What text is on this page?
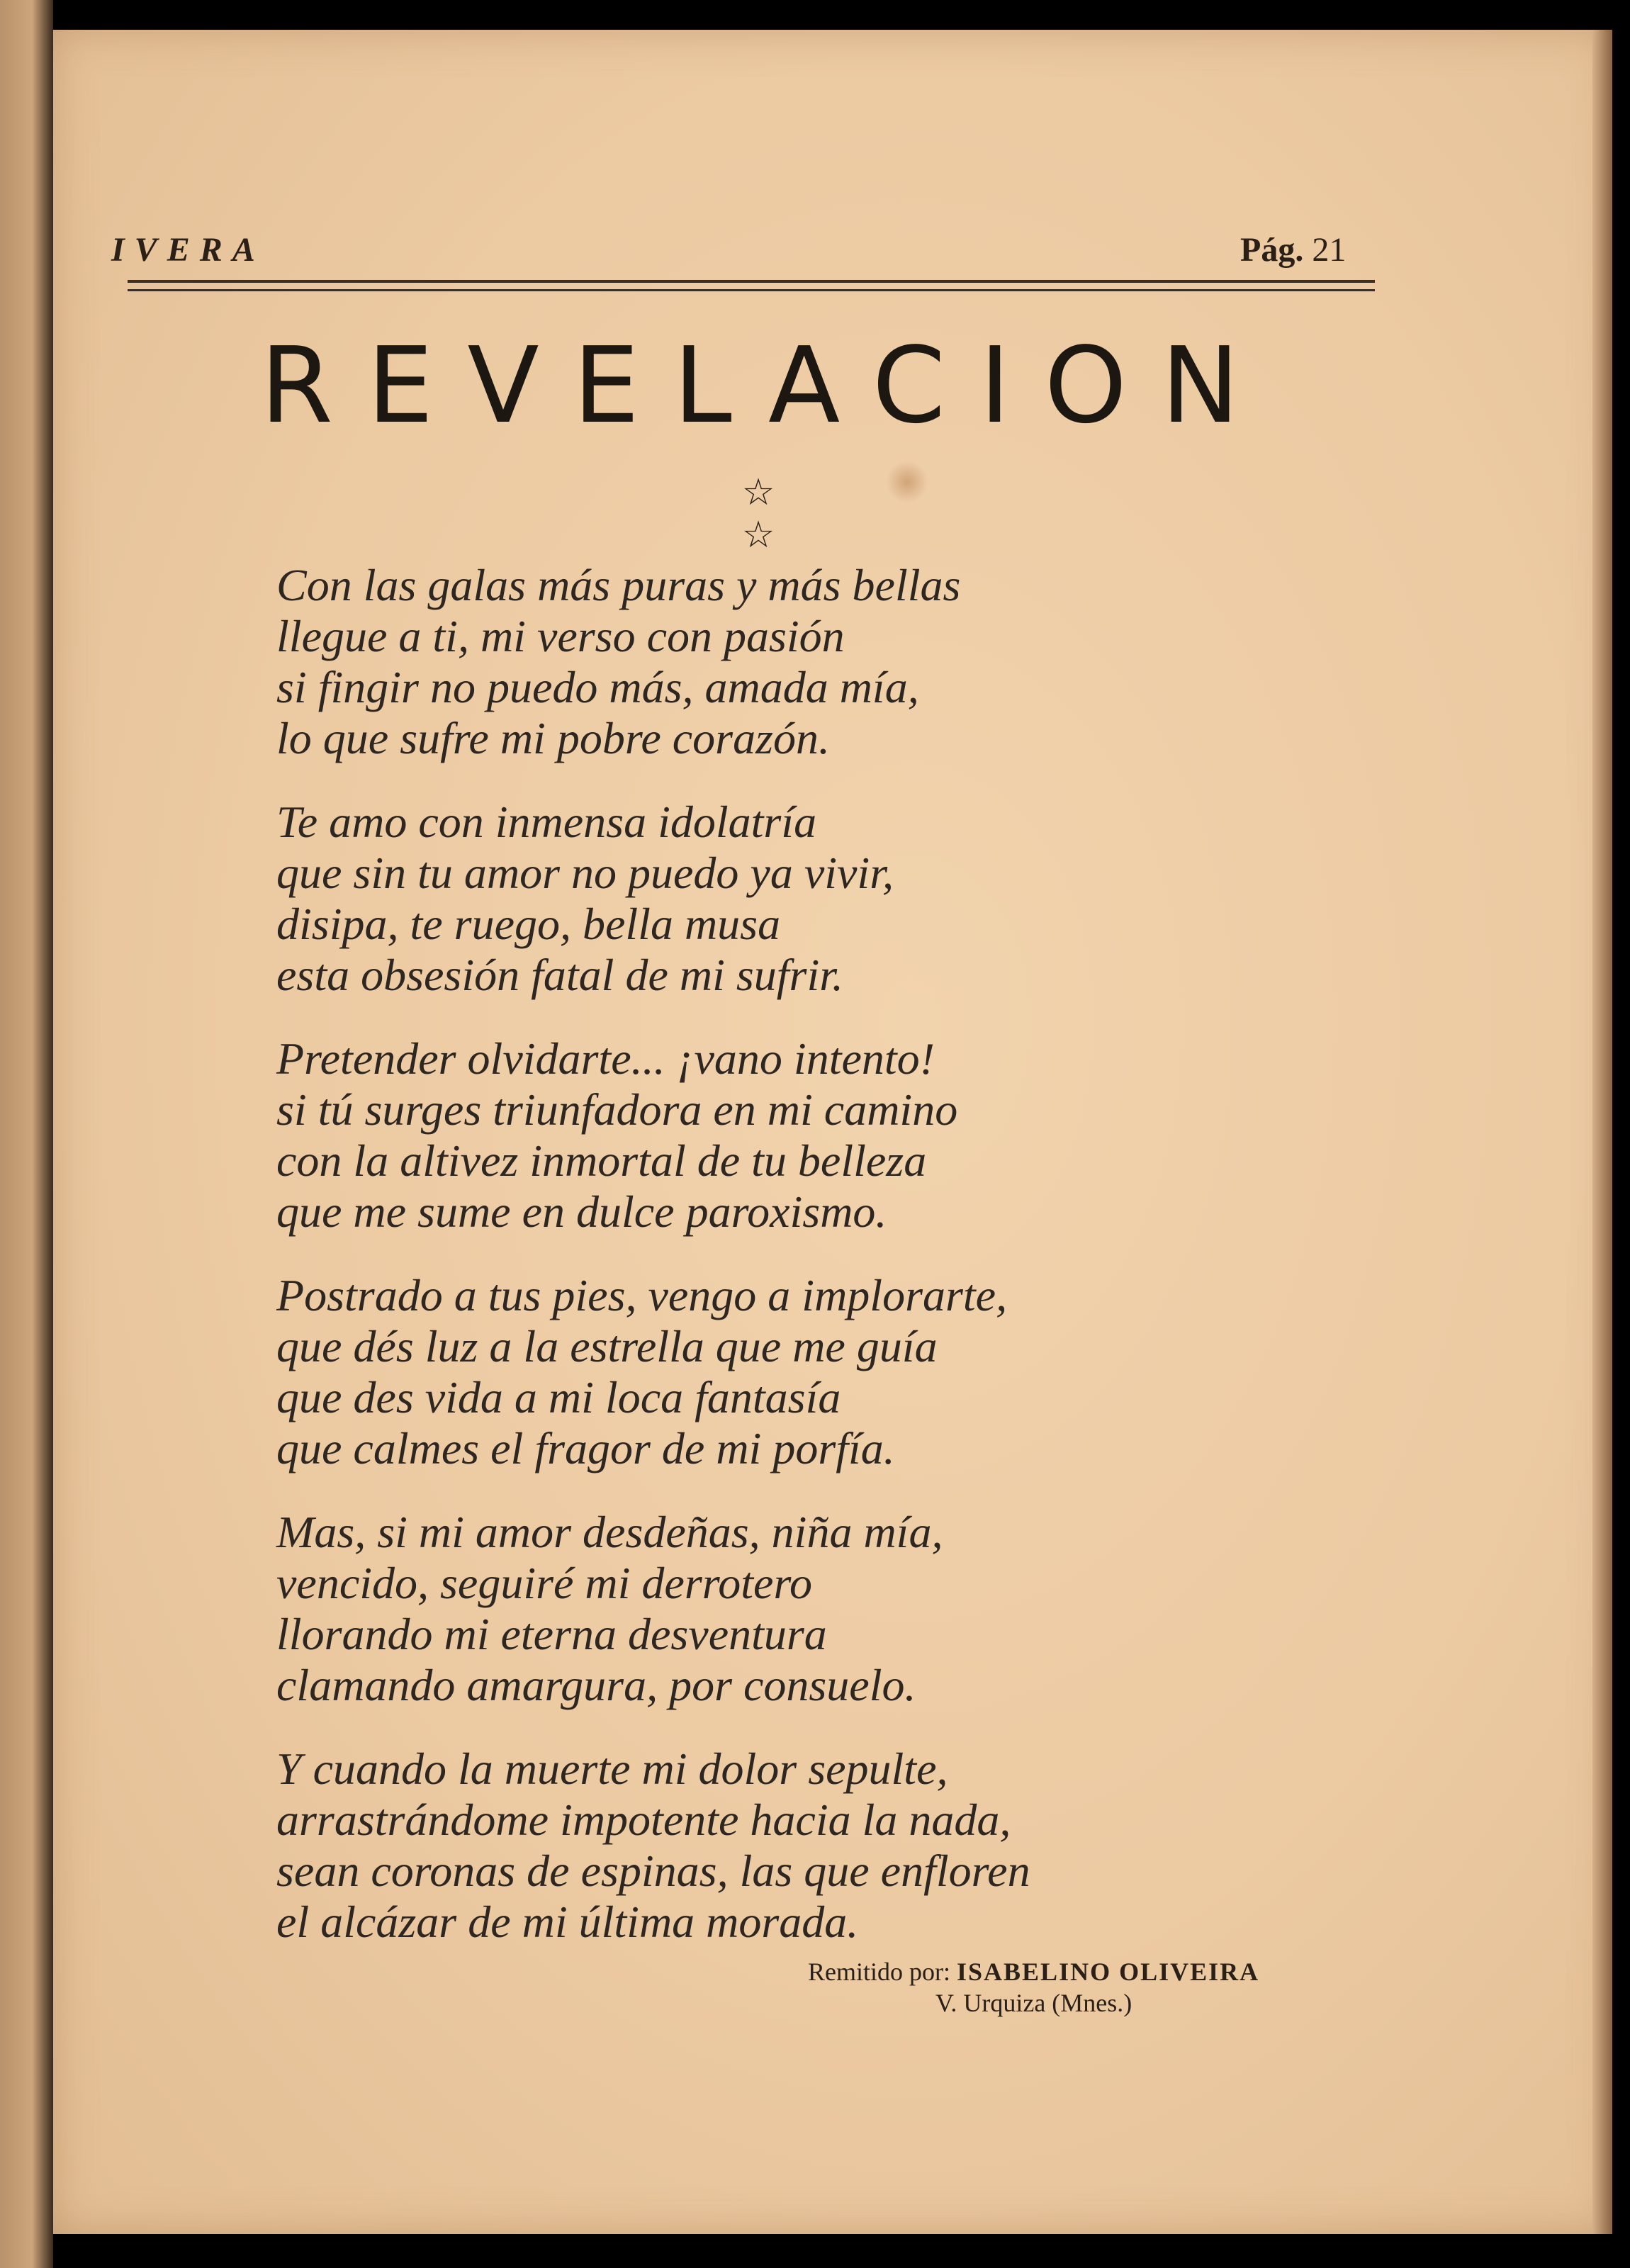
IVERA	Pág. 21
REVELACION
☆ ☆
Con las galas más puras y más bellas
llegue a ti, mi verso con pasión
si fingir no puedo más, amada mía,
lo que sufre mi pobre corazón.
Te amo con inmensa idolatría
que sin tu amor no puedo ya vivir,
disipa, te ruego, bella musa
esta obsesión fatal de mi sufrir.
Pretender olvidarte... ¡vano intento!
si tú surges triunfadora en mi camino
con la altivez inmortal de tu belleza
que me sume en dulce paroxismo.
Postrado a tus pies, vengo a implorarte,
que dés luz a la estrella que me guía
que des vida a mi loca fantasía
que calmes el fragor de mi porfía.
Mas, si mi amor desdeñas, niña mía,
vencido, seguiré mi derrotero
llorando mi eterna desventura
clamando amargura, por consuelo.
Y cuando la muerte mi dolor sepulte,
arrastrándome impotente hacia la nada,
sean coronas de espinas, las que enfloren
el alcázar de mi última morada.
Remitido por: ISABELINO OLIVEIRA
V. Urquiza (Mnes.)
